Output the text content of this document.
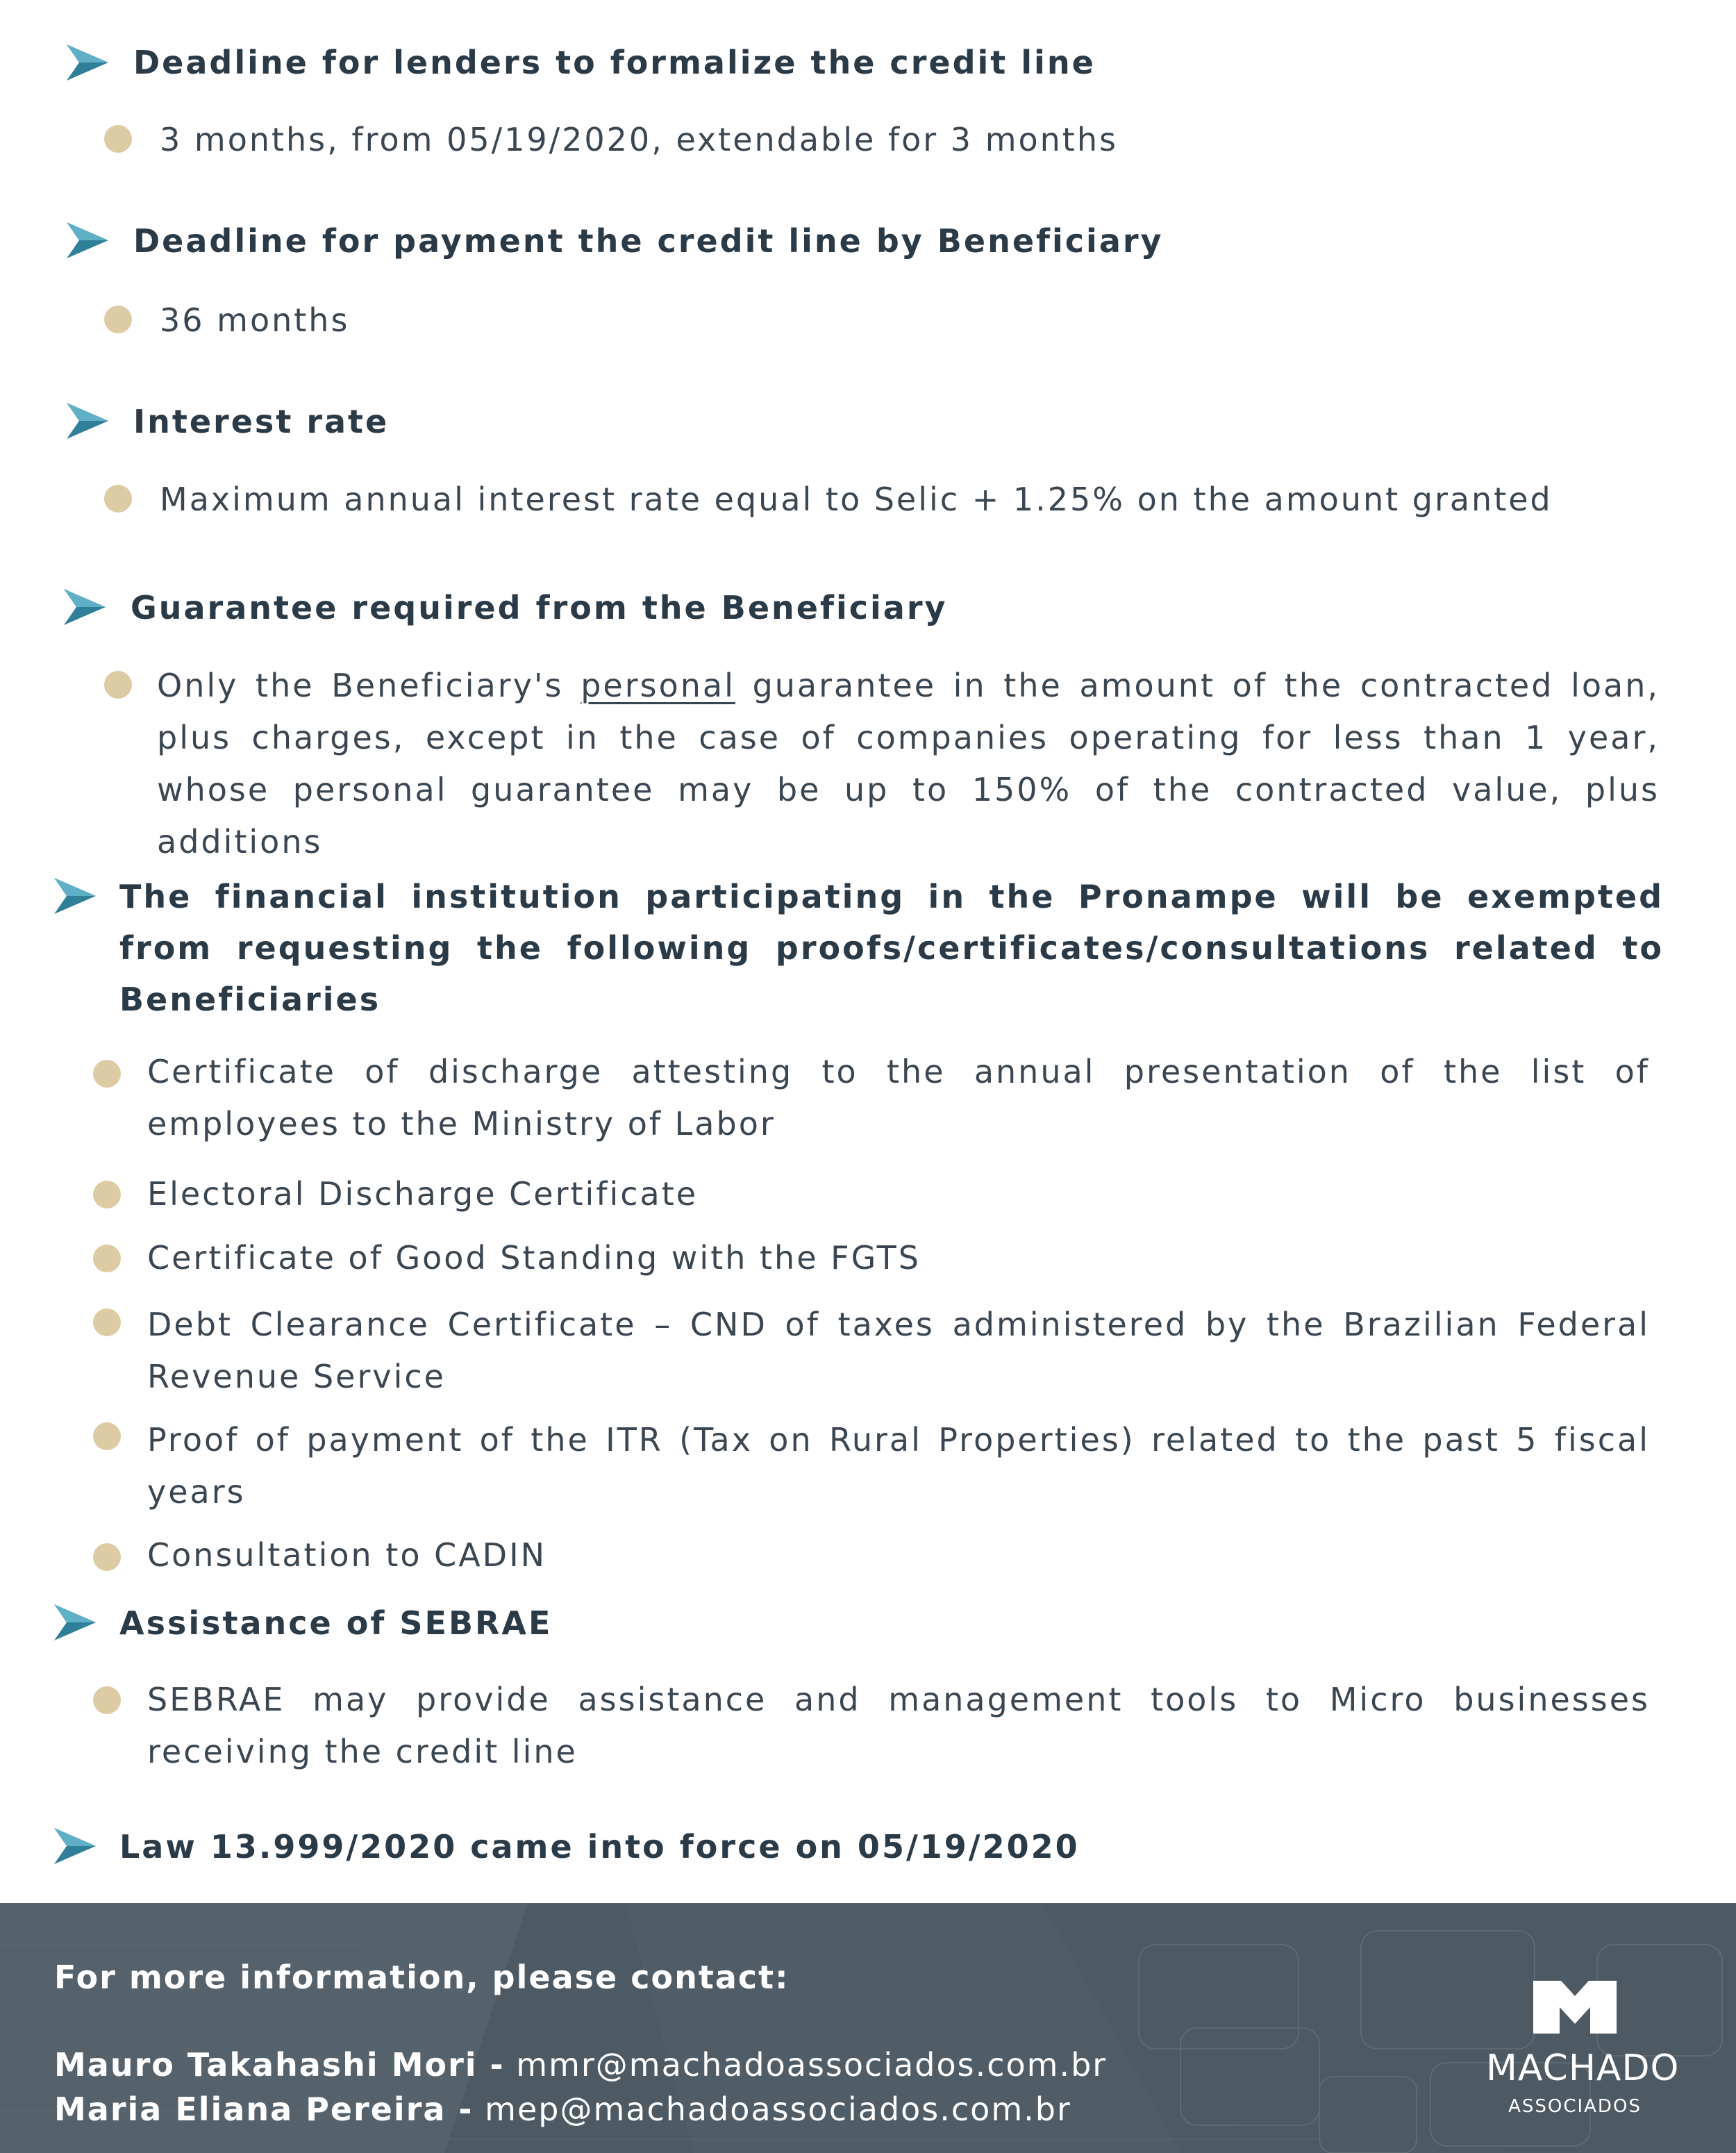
Deadline for lenders to formalize the credit line
3 months, from 05/19/2020, extendable for 3 months
Deadline for payment the credit line by Beneficiary
36 months
Interest rate
Maximum annual interest rate equal to Selic + 1.25% on the amount granted
Guarantee required from the Beneficiary
Only the Beneficiary's personal guarantee in the amount of the contracted loan, plus charges, except in the case of companies operating for less than 1 year, whose personal guarantee may be up to 150% of the contracted value, plus additions
The financial institution participating in the Pronampe will be exempted from requesting the following proofs/certificates/consultations related to Beneficiaries
Certificate of discharge attesting to the annual presentation of the list of employees to the Ministry of Labor
Electoral Discharge Certificate
Certificate of Good Standing with the FGTS
Debt Clearance Certificate – CND of taxes administered by the Brazilian Federal Revenue Service
Proof of payment of the ITR (Tax on Rural Properties) related to the past 5 fiscal years
Consultation to CADIN
Assistance of SEBRAE
SEBRAE may provide assistance and management tools to Micro businesses receiving the credit line
Law 13.999/2020 came into force on 05/19/2020
For more information, please contact:
Mauro Takahashi Mori - mmr@machadoassociados.com.br
Maria Eliana Pereira - mep@machadoassociados.com.br
MACHADO
ASSOCIADOS
